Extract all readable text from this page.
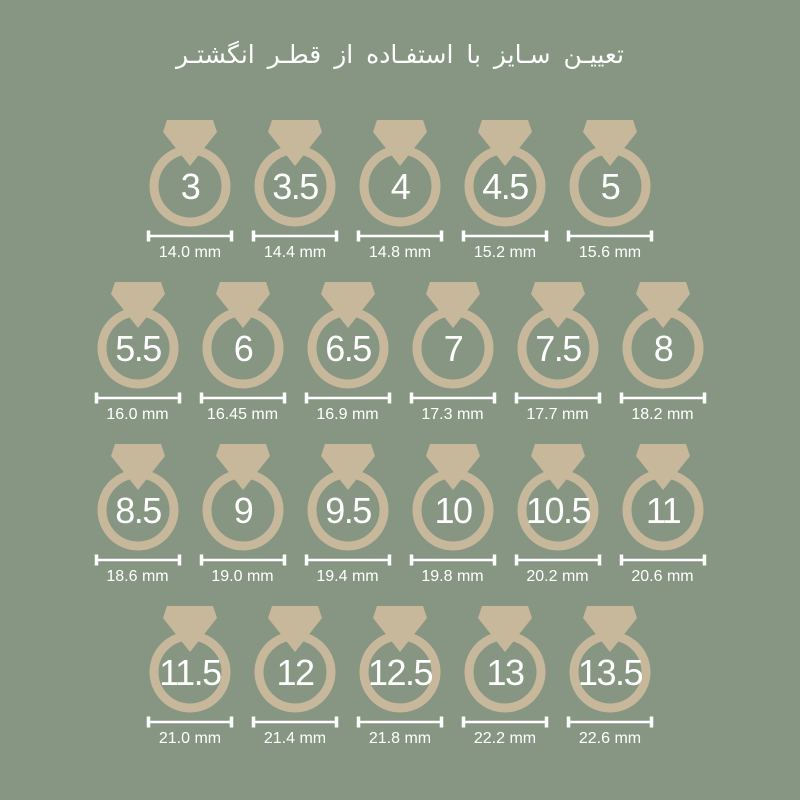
تعییـن سـایز با استفـاده از قطـر انگشتـر
3
14.0 mm
3.5
14.4 mm
4
14.8 mm
4.5
15.2 mm
5
15.6 mm
5.5
16.0 mm
6
16.45 mm
6.5
16.9 mm
7
17.3 mm
7.5
17.7 mm
8
18.2 mm
8.5
18.6 mm
9
19.0 mm
9.5
19.4 mm
10
19.8 mm
10.5
20.2 mm
11
20.6 mm
11.5
21.0 mm
12
21.4 mm
12.5
21.8 mm
13
22.2 mm
13.5
22.6 mm
